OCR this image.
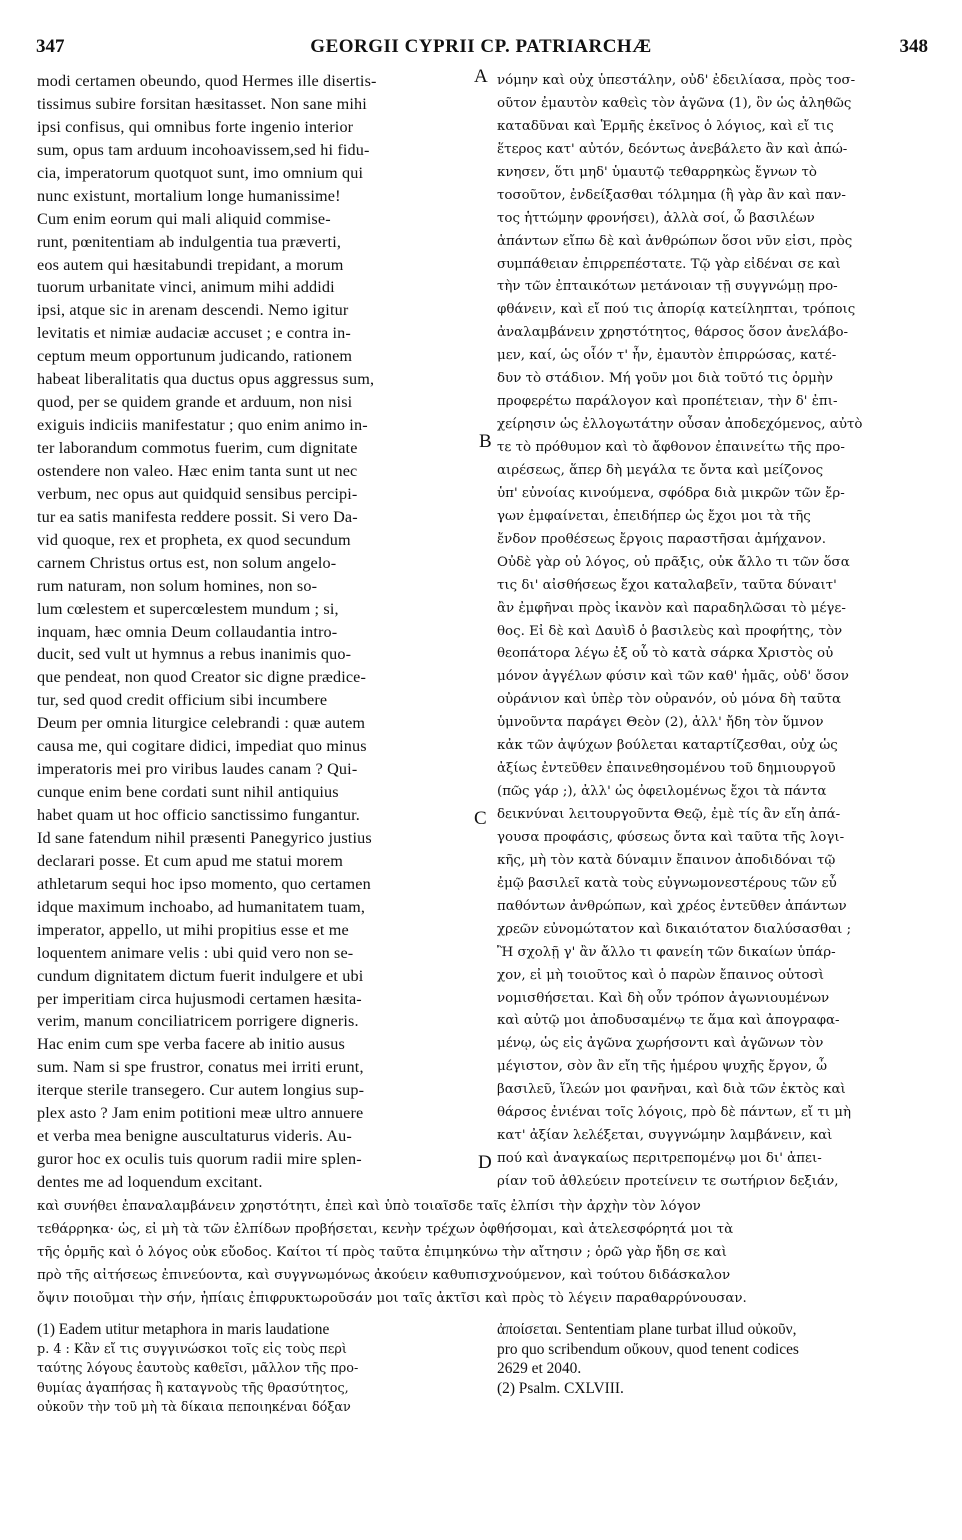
347	GEORGII CYPRII CP. PATRIARCHÆ	348
modi certamen obeundo, quod Hermes ille disertis-
tissimus subire forsitan hæsitasset. Non sane mihi
ipsi confisus, qui omnibus forte ingenio interior
sum, opus tam arduum incohoavissem,sed hi fidu-
cia, imperatorum quotquot sunt, imo omnium qui
nunc existunt, mortalium longe humanissime!
Cum enim eorum qui mali aliquid commise-
runt, pœnitentiam ab indulgentia tua præverti,
eos autem qui hæsitabundi trepidant, a morum
tuorum urbanitate vinci, animum mihi addidi
ipsi, atque sic in arenam descendi. Nemo igitur
levitatis et nimiæ audaciæ accuset ; e contra in-
ceptum meum opportunum judicando, rationem
habeat liberalitatis qua ductus opus aggressus sum,
quod, per se quidem grande et arduum, non nisi
exiguis indiciis manifestatur ; quo enim animo in-
ter laborandum commotus fuerim, cum dignitate
ostendere non valeo. Hæc enim tanta sunt ut nec
verbum, nec opus aut quidquid sensibus percipi-
tur ea satis manifesta reddere possit. Si vero Da-
vid quoque, rex et propheta, ex quod secundum
carnem Christus ortus est, non solum angelo-
rum naturam, non solum homines, non so-
lum cœlestem et supercœlestem mundum ; si,
inquam, hæc omnia Deum collaudantia intro-
ducit, sed vult ut hymnus a rebus inanimis quo-
que pendeat, non quod Creator sic digne prædice-
tur, sed quod credit officium sibi incumbere
Deum per omnia liturgice celebrandi : quæ autem
causa me, qui cogitare didici, impediat quo minus
imperatoris mei pro viribus laudes canam ? Qui-
cunque enim bene cordati sunt nihil antiquius
habet quam ut hoc officio sanctissimo fungantur.
Id sane fatendum nihil præsenti Panegyrico justius
declarari posse. Et cum apud me statui morem
athletarum sequi hoc ipso momento, quo certamen
idque maximum inchoabo, ad humanitatem tuam,
imperator, appello, ut mihi propitius esse et me
loquentem animare velis : ubi quid vero non se-
cundum dignitatem dictum fuerit indulgere et ubi
per imperitiam circa hujusmodi certamen hæsita-
verim, manum conciliatricem porrigere digneris.
Hac enim cum spe verba facere ab initio ausus
sum. Nam si spe frustror, conatus mei irriti erunt,
iterque sterile transegero. Cur autem longius sup-
plex asto ? Jam enim potitioni meæ ultro annuere
et verba mea benigne auscultaturus videris. Au-
guror hoc ex oculis tuis quorum radii mire splen-
dentes me ad loquendum excitant.
νόμην καὶ οὐχ ὑπεστάλην, οὐδ' ἐδειλίασα, πρὸς τοσ-
οῦτον ἐμαυτὸν καθεὶς τὸν ἀγῶνα (1), ὃν ὡς ἀληθῶς
καταδῦναι καὶ Ἑρμῆς ἐκεῖνος ὁ λόγιος, καὶ εἴ τις
ἕτερος κατ' αὐτόν, δεόντως ἀνεβάλετο ἂν καὶ ἀπώ-
κνησεν, ὅτι μηδ' ὑμαυτῷ τεθαρρηκὼς ἔγνων τὸ
τοσοῦτον, ἐνδείξασθαι τόλμημα (ἢ γὰρ ἂν καὶ παν-
τος ἡττώμην φρονήσει), ἀλλὰ σοί, ὦ βασιλέων
ἁπάντων εἴπω δὲ καὶ ἀνθρώπων ὅσοι νῦν εἰσι, πρὸς
συμπάθειαν ἐπιρρεπέστατε. Τῷ γὰρ εἰδέναι σε καὶ
τὴν τῶν ἐπταικότων μετάνοιαν τῇ συγγνώμῃ προ-
φθάνειν, καὶ εἴ πού τις ἀπορίᾳ κατείληπται, τρόποις
ἀναλαμβάνειν χρηστότητος, θάρσος ὅσον ἀνελάβο-
μεν, καί, ὡς οἷόν τ' ἦν, ἐμαυτὸν ἐπιρρώσας, κατέ-
δυν τὸ στάδιον. Μή γοῦν μοι διὰ τοῦτό τις ὁρμὴν
προφερέτω παράλογον καὶ προπέτειαν, τὴν δ' ἐπι-
χείρησιν ὡς ἐλλογωτάτην οὖσαν ἀποδεχόμενος, αὐτὸ
τε τὸ πρόθυμον καὶ τὸ ἄφθονον ἐπαινείτω τῆς προ-
αιρέσεως, ἅπερ δὴ μεγάλα τε ὄντα καὶ μείζονος
ὑπ' εὐνοίας κινούμενα, σφόδρα διὰ μικρῶν τῶν ἔρ-
γων ἐμφαίνεται, ἐπειδήπερ ὡς ἔχοι μοι τὰ τῆς
ἔνδον προθέσεως ἔργοις παραστῆσαι ἀμήχανον.
Οὐδὲ γὰρ οὐ λόγος, οὐ πρᾶξις, οὐκ ἄλλο τι τῶν ὅσα
τις δι' αἰσθήσεως ἔχοι καταλαβεῖν, ταῦτα δύναιτ'
ἂν ἐμφῆναι πρὸς ἱκανὸν καὶ παραδηλῶσαι τὸ μέγε-
θος. Εἰ δὲ καὶ Δαυὶδ ὁ βασιλεὺς καὶ προφήτης, τὸν
θεοπάτορα λέγω ἐξ οὗ τὸ κατὰ σάρκα Χριστὸς οὐ
μόνον ἀγγέλων φύσιν καὶ τῶν καθ' ἡμᾶς, οὐδ' ὅσον
οὐράνιον καὶ ὑπὲρ τὸν οὐρανόν, οὐ μόνα δὴ ταῦτα
ὑμνοῦντα παράγει Θεὸν (2), ἀλλ' ἤδη τὸν ὕμνον
κἀκ τῶν ἀψύχων βούλεται καταρτίζεσθαι, οὐχ ὡς
ἀξίως ἐντεῦθεν ἐπαινεθησομένου τοῦ δημιουργοῦ
(πῶς γάρ ;), ἀλλ' ὡς ὀφειλομένως ἔχοι τὰ πάντα
δεικνύναι λειτουργοῦντα Θεῷ, ἐμὲ τίς ἂν εἴη ἀπά-
γουσα προφάσις, φύσεως ὄντα καὶ ταῦτα τῆς λογι-
κῆς, μὴ τὸν κατὰ δύναμιν ἔπαινον ἀποδιδόναι τῷ
ἐμῷ βασιλεῖ κατὰ τοὺς εὐγνωμονεστέρους τῶν εὖ
παθόντων ἀνθρώπων, καὶ χρέος ἐντεῦθεν ἁπάντων
χρεῶν εὐνομώτατον καὶ δικαιότατον διαλύσασθαι ;
Ἢ σχολῇ γ' ἂν ἄλλο τι φανείη τῶν δικαίων ὑπάρ-
χον, εἰ μὴ τοιοῦτος καὶ ὁ παρὼν ἔπαινος οὑτοσὶ
νομισθήσεται. Καὶ δὴ οὖν τρόπον ἀγωνιουμένων
καὶ αὐτῷ μοι ἀποδυσαμένῳ τε ἅμα καὶ ἀπογραφα-
μένῳ, ὡς εἰς ἀγῶνα χωρήσοντι καὶ ἀγῶνων τὸν
μέγιστον, σὸν ἂν εἴη τῆς ἡμέρου ψυχῆς ἔργον, ὦ
βασιλεῦ, ἵλεών μοι φανῆναι, καὶ διὰ τῶν ἐκτὸς καὶ
θάρσος ἐνιέναι τοῖς λόγοις, πρὸ δὲ πάντων, εἴ τι μὴ
κατ' ἀξίαν λελέξεται, συγγνώμην λαμβάνειν, καὶ
πού καὶ ἀναγκαίως περιτρεπομένῳ μοι δι' ἀπει-
ρίαν τοῦ ἀθλεύειν προτείνειν τε σωτήριον δεξιάν,
A
B
C
D
καὶ συνήθει ἐπαναλαμβάνειν χρηστότητι, ἐπεὶ καὶ ὑπὸ τοιαῖσδε ταῖς ἐλπίσι τὴν ἀρχὴν τὸν λόγον
τεθάρρηκα· ὡς, εἰ μὴ τὰ τῶν ἐλπίδων προβήσεται, κενὴν τρέχων ὀφθήσομαι, καὶ ἀτελεσφόρητά μοι τὰ
τῆς ὁρμῆς καὶ ὁ λόγος οὐκ εὔοδος. Καίτοι τί πρὸς ταῦτα ἐπιμηκύνω τὴν αἴτησιν ; ὁρῶ γὰρ ἤδη σε καὶ
πρὸ τῆς αἰτήσεως ἐπινεύοντα, καὶ συγγνωμόνως ἀκούειν καθυπισχνούμενον, καὶ τούτου διδάσκαλον
ὄψιν ποιοῦμαι τὴν σήν, ἠπίαις ἐπιφρυκτωροῦσάν μοι ταῖς ἀκτῖσι καὶ πρὸς τὸ λέγειν παραθαρρύνουσαν.
(1) Eadem utitur metaphora in maris laudatione
p. 4 : Κἂν εἴ τις συγγινώσκοι τοῖς εἰς τοὺς περὶ
ταύτης λόγους ἑαυτοὺς καθεῖσι, μᾶλλον τῆς προ-
θυμίας ἀγαπήσας ἢ καταγνοὺς τῆς θρασύτητος,
οὐκοῦν τὴν τοῦ μὴ τὰ δίκαια πεποιηκέναι δόξαν
ἀποίσεται. Sententiam plane turbat illud οὐκοῦν,
pro quo scribendum οὔκουν, quod tenent codices
2629 et 2040.
(2) Psalm. CXLVIII.
